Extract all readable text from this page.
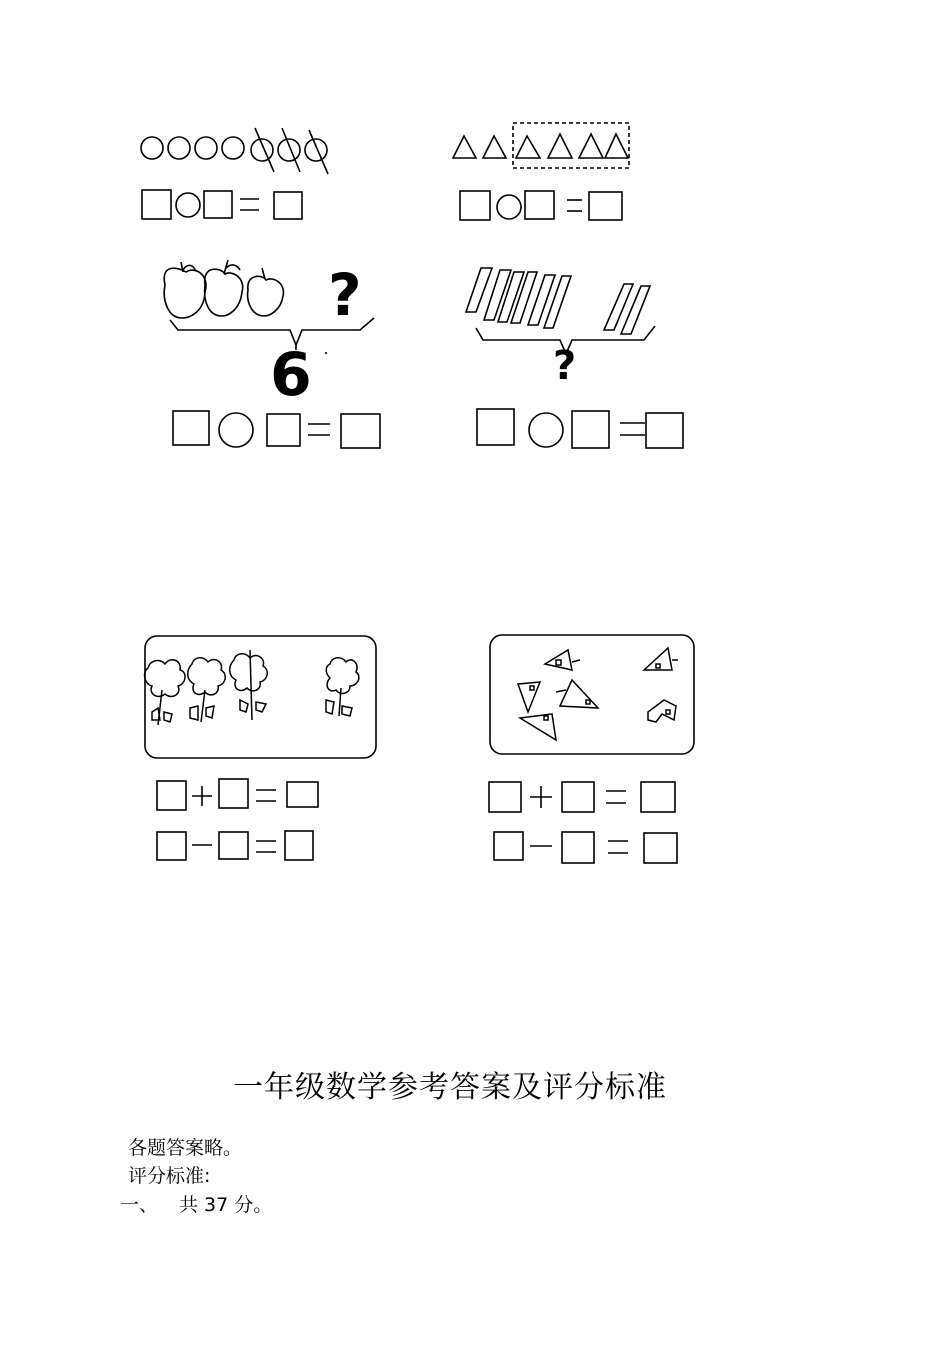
?
6	?
一年级数学参考答案及评分标准
各题答案略。
评分标准:
一、 共 37 分。
